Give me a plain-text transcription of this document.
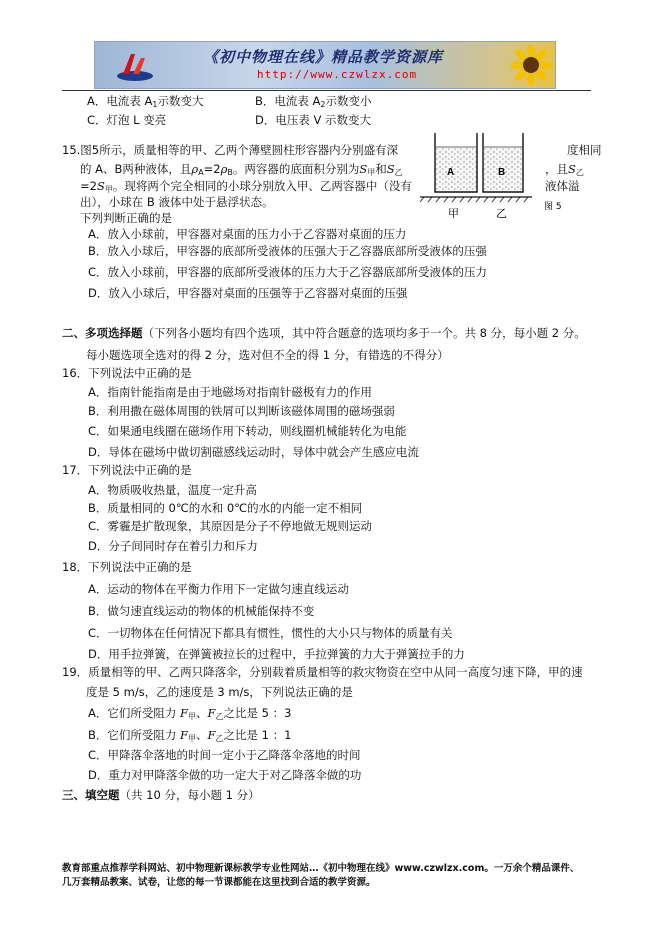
《初中物理在线》精品教学资源库
http://www.czwlzx.com
A．电流表 $A_1$示数变大	B．电流表 $A_2$示数变小
C．灯泡 L 变亮	D．电压表 V 示数变大
15.图5所示，质量相等的甲、乙两个薄壁圆柱形容器内分别盛有深	度相同
的 A、B两种液体，且$\rho_A=2\rho_B$。两容器的底面积分别为$S_甲$和$S_乙$	，且$S_乙$
$=2S_甲$。现将两个完全相同的小球分别放入甲、乙两容器中（没有	液体溢
出），小球在 B 液体中处于悬浮状态。
下列判断正确的是
A	B
甲	乙	图 5
A．放入小球前，甲容器对桌面的压力小于乙容器对桌面的压力
B．放入小球后，甲容器的底部所受液体的压强大于乙容器底部所受液体的压强
C．放入小球前，甲容器的底部所受液体的压力大于乙容器底部所受液体的压力
D．放入小球后，甲容器对桌面的压强等于乙容器对桌面的压强
二、多项选择题（下列各小题均有四个选项，其中符合题意的选项均多于一个。共 8 分，每小题 2 分。
每小题选项全选对的得 2 分，选对但不全的得 1 分，有错选的不得分）
16．下列说法中正确的是
A．指南针能指南是由于地磁场对指南针磁极有力的作用
B．利用撒在磁体周围的铁屑可以判断该磁体周围的磁场强弱
C．如果通电线圈在磁场作用下转动，则线圈机械能转化为电能
D．导体在磁场中做切割磁感线运动时，导体中就会产生感应电流
17．下列说法中正确的是
A．物质吸收热量，温度一定升高
B．质量相同的 0℃的水和 0℃的水的内能一定不相同
C．雾霾是扩散现象，其原因是分子不停地做无规则运动
D．分子间同时存在着引力和斥力
18．下列说法中正确的是
A．运动的物体在平衡力作用下一定做匀速直线运动
B．做匀速直线运动的物体的机械能保持不变
C．一切物体在任何情况下都具有惯性，惯性的大小只与物体的质量有关
D．用手拉弹簧，在弹簧被拉长的过程中，手拉弹簧的力大于弹簧拉手的力
19．质量相等的甲、乙两只降落伞，分别载着质量相等的救灾物资在空中从同一高度匀速下降，甲的速
度是 5 m/s，乙的速度是 3 m/s，下列说法正确的是
A．它们所受阻力 $F_甲$、$F_乙$之比是 5 ：3
B．它们所受阻力 $F_甲$、$F_乙$之比是 1 ：1
C．甲降落伞落地的时间一定小于乙降落伞落地的时间
D．重力对甲降落伞做的功一定大于对乙降落伞做的功
三、填空题（共 10 分，每小题 1 分）
教育部重点推荐学科网站、初中物理新课标教学专业性网站…《初中物理在线》www.czwlzx.com。一万余个精品课件、
几万套精品教案、试卷，让您的每一节课都能在这里找到合适的教学资源。
